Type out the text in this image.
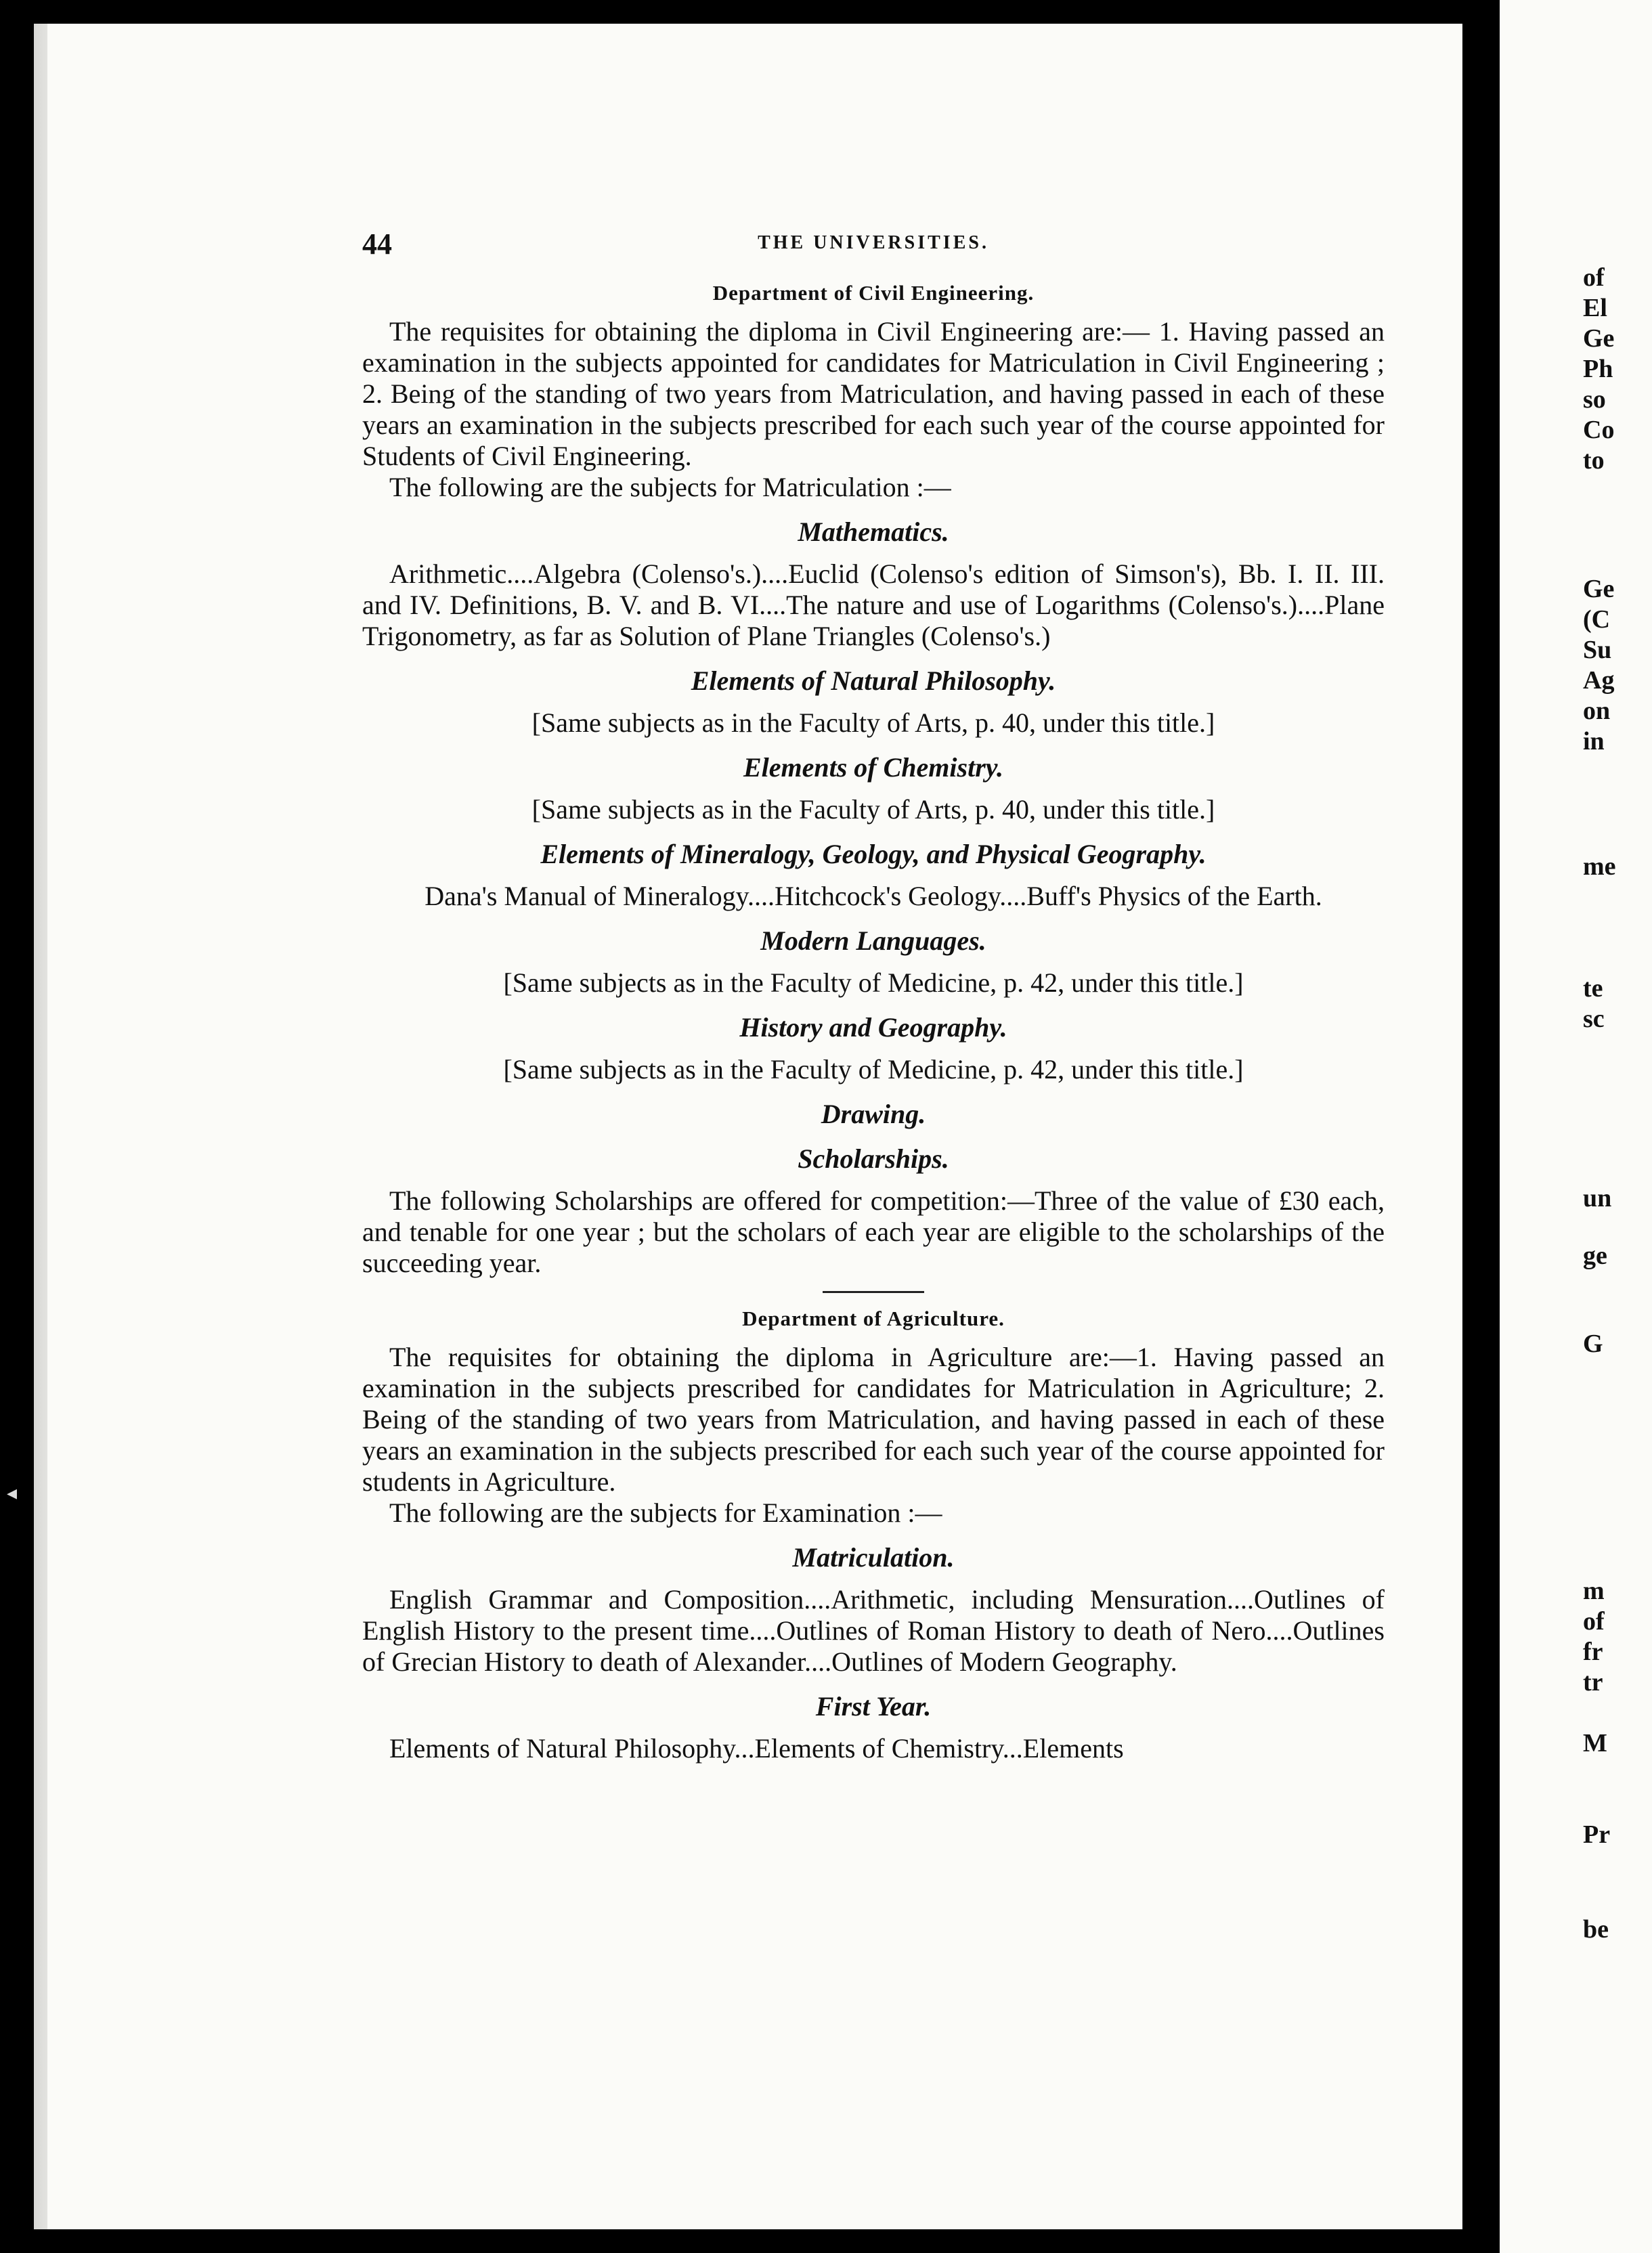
◂
44	THE UNIVERSITIES.
Department of Civil Engineering.

The requisites for obtaining the diploma in Civil Engineering are:— 1. Having passed an examination in the subjects appointed for candidates for Matriculation in Civil Engineering ; 2. Being of the standing of two years from Matriculation, and having passed in each of these years an examination in the subjects prescribed for each such year of the course appointed for Students of Civil Engineering.

The following are the subjects for Matriculation :—

Mathematics.

Arithmetic....Algebra (Colenso's.)....Euclid (Colenso's edition of Simson's), Bb. I. II. III. and IV. Definitions, B. V. and B. VI....The nature and use of Logarithms (Colenso's.)....Plane Trigonometry, as far as Solution of Plane Triangles (Colenso's.)

Elements of Natural Philosophy.

[Same subjects as in the Faculty of Arts, p. 40, under this title.]

Elements of Chemistry.

[Same subjects as in the Faculty of Arts, p. 40, under this title.]

Elements of Mineralogy, Geology, and Physical Geography.

Dana's Manual of Mineralogy....Hitchcock's Geology....Buff's Physics of the Earth.

Modern Languages.

[Same subjects as in the Faculty of Medicine, p. 42, under this title.]

History and Geography.

[Same subjects as in the Faculty of Medicine, p. 42, under this title.]

Drawing.
Scholarships.

The following Scholarships are offered for competition:—Three of the value of £30 each, and tenable for one year ; but the scholars of each year are eligible to the scholarships of the succeeding year.

Department of Agriculture.

The requisites for obtaining the diploma in Agriculture are:—1. Having passed an examination in the subjects prescribed for candidates for Matriculation in Agriculture; 2. Being of the standing of two years from Matriculation, and having passed in each of these years an examination in the subjects prescribed for each such year of the course appointed for students in Agriculture.

The following are the subjects for Examination :—

Matriculation.

English Grammar and Composition....Arithmetic, including Mensuration....Outlines of English History to the present time....Outlines of Roman History to death of Nero....Outlines of Grecian History to death of Alexander....Outlines of Modern Geography.

First Year.

Elements of Natural Philosophy...Elements of Chemistry...Elements

of
El
Ge
Ph
so
Co
to
Ge
(C
Su
Ag
on
in
me
te
sc
un
ge
G
m
of
fr
tr
M
Pr
be
